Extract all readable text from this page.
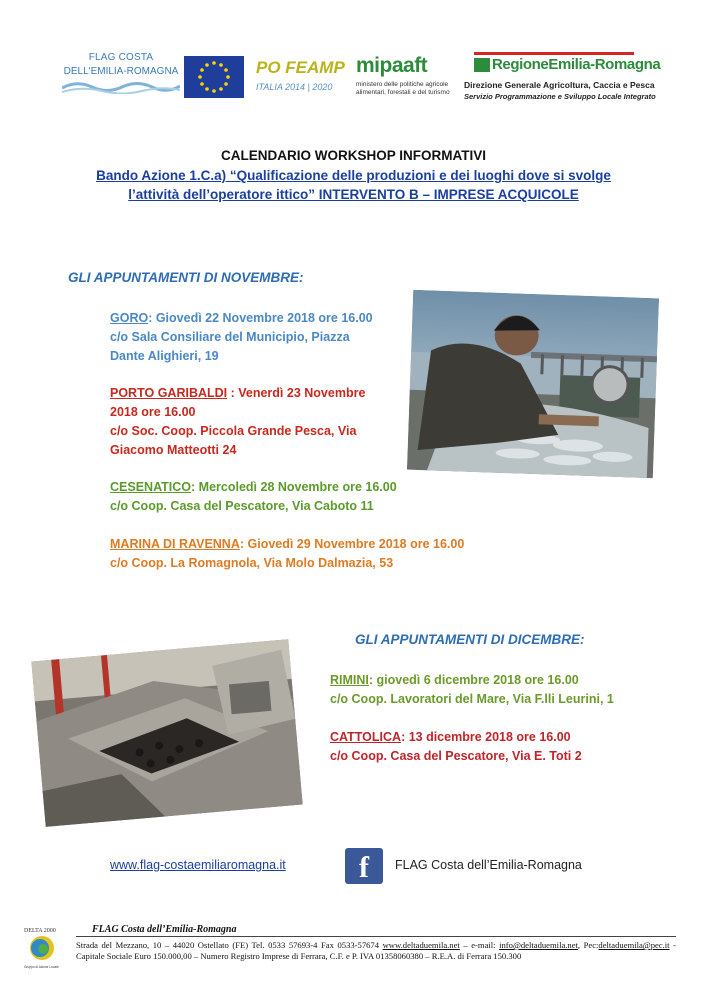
FLAG COSTA
DELL'EMILIA-ROMAGNA	PO FEAMP
ITALIA 2014 | 2020
mipaaft
ministero delle politiche agricole
alimentari, forestali e del turismo
RegioneEmilia-Romagna
Direzione Generale Agricoltura, Caccia e Pesca
Servizio Programmazione e Sviluppo Locale Integrato
CALENDARIO WORKSHOP INFORMATIVI
Bando Azione 1.C.a) “Qualificazione delle produzioni e dei luoghi dove si svolge
l’attività dell’operatore ittico” INTERVENTO B – IMPRESE ACQUICOLE
GLI APPUNTAMENTI DI NOVEMBRE:
GORO: Giovedì 22 Novembre 2018 ore 16.00
c/o Sala Consiliare del Municipio, Piazza
Dante Alighieri, 19
PORTO GARIBALDI : Venerdì 23 Novembre
2018 ore 16.00
c/o Soc. Coop. Piccola Grande Pesca, Via
Giacomo Matteotti 24
CESENATICO: Mercoledì 28 Novembre ore 16.00
c/o Coop. Casa del Pescatore, Via Caboto 11
MARINA DI RAVENNA: Giovedì 29 Novembre 2018 ore 16.00
c/o Coop. La Romagnola, Via Molo Dalmazia, 53
GLI APPUNTAMENTI DI DICEMBRE:
RIMINI: giovedì 6 dicembre 2018 ore 16.00
c/o Coop. Lavoratori del Mare, Via F.lli Leurini, 1
CATTOLICA: 13 dicembre 2018 ore 16.00
c/o Coop. Casa del Pescatore, Via E. Toti 2
www.flag-costaemiliaromagna.it f FLAG Costa dell’Emilia-Romagna
DELTA 2000
Gruppo di Azione Locale
FLAG Costa dell’Emilia-Romagna
Strada del Mezzano, 10 – 44020 Ostellato (FE) Tel. 0533 57693-4 Fax 0533-57674 www.deltaduemila.net – e-mail: info@deltaduemila.net, Pec:deltaduemila@pec.it - Capitale Sociale Euro 150.000,00 – Numero Registro Imprese di Ferrara, C.F. e P. IVA 01358060380 – R.E.A. di Ferrara 150.300
